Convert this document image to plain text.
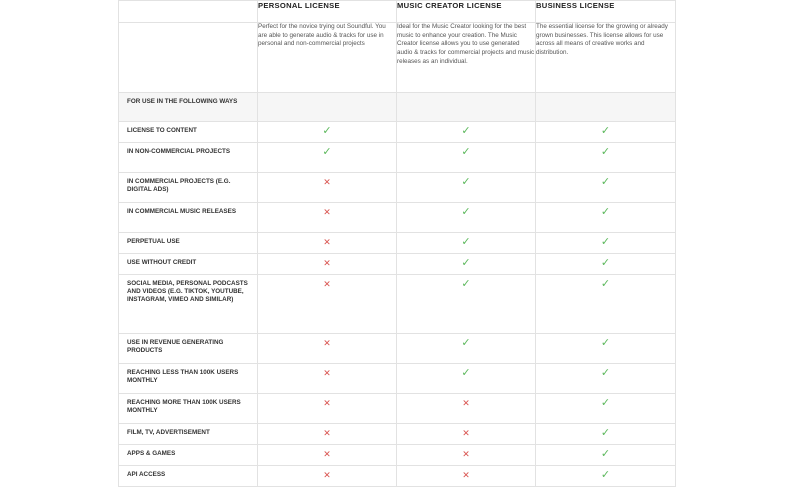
	PERSONAL LICENSE	MUSIC CREATOR LICENSE	BUSINESS LICENSE
	Perfect for the novice trying out Soundful. You are able to generate audio & tracks for use in personal and non-commercial projects	Ideal for the Music Creator looking for the best music to enhance your creation. The Music Creator license allows you to use generated audio & tracks for commercial projects and music releases as an individual.	The essential license for the growing or already grown businesses. This license allows for use across all means of creative works and distribution.
FOR USE IN THE FOLLOWING WAYS			
LICENSE TO CONTENT	✓	✓	✓
IN NON-COMMERCIAL PROJECTS	✓	✓	✓
IN COMMERCIAL PROJECTS (E.G. DIGITAL ADS)	✕	✓	✓
IN COMMERCIAL MUSIC RELEASES	✕	✓	✓
PERPETUAL USE	✕	✓	✓
USE WITHOUT CREDIT	✕	✓	✓
SOCIAL MEDIA, PERSONAL PODCASTS AND VIDEOS (E.G. TIKTOK, YOUTUBE, INSTAGRAM, VIMEO AND SIMILAR)	✕	✓	✓
USE IN REVENUE GENERATING PRODUCTS	✕	✓	✓
REACHING LESS THAN 100K USERS MONTHLY	✕	✓	✓
REACHING MORE THAN 100K USERS MONTHLY	✕	✕	✓
FILM, TV, ADVERTISEMENT	✕	✕	✓
APPS & GAMES	✕	✕	✓
API ACCESS	✕	✕	✓
